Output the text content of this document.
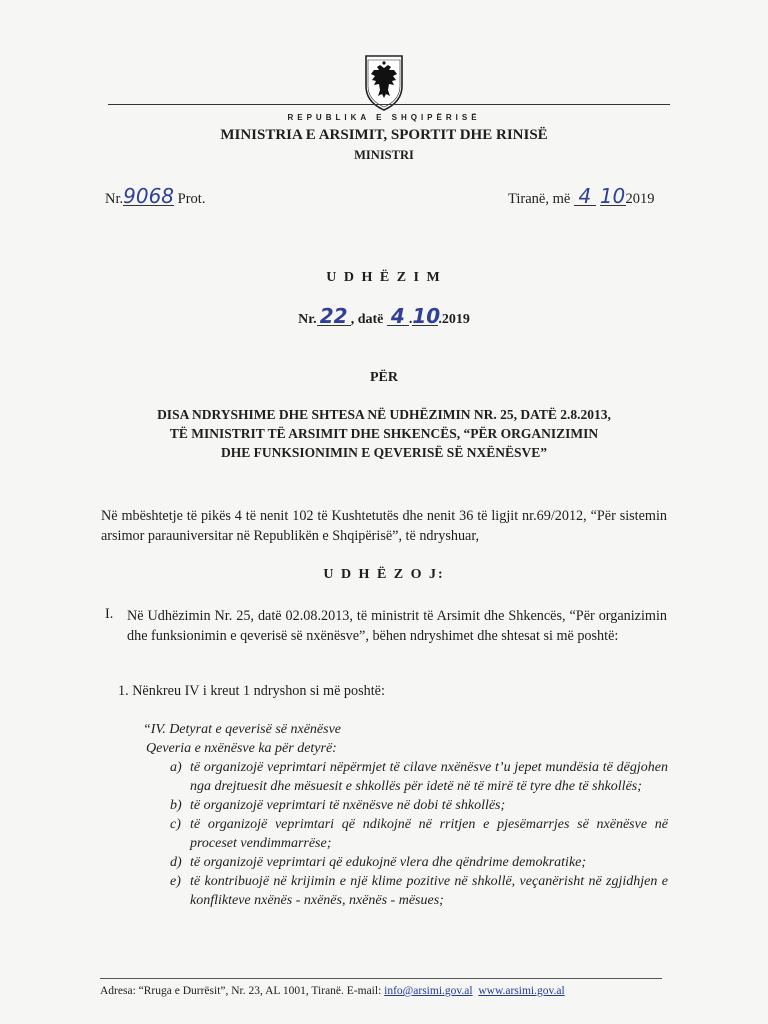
REPUBLIKA E SHQIPËRISË
MINISTRIA E ARSIMIT, SPORTIT DHE RINISË
MINISTRI
Nr.9068 Prot.	Tiranë, më 4 102019
U D H Ë Z I M
Nr. 22 , datë 4 .10.2019
PËR
DISA NDRYSHIME DHE SHTESA NË UDHËZIMIN NR. 25, DATË 2.8.2013,
TË MINISTRIT TË ARSIMIT DHE SHKENCËS, “PËR ORGANIZIMIN
DHE FUNKSIONIMIN E QEVERISË SË NXËNËSVE”
Në mbështetje të pikës 4 të nenit 102 të Kushtetutës dhe nenit 36 të ligjit nr.69/2012, “Për sistemin arsimor parauniversitar në Republikën e Shqipërisë”, të ndryshuar,
U D H Ë Z O J:
I. Në Udhëzimin Nr. 25, datë 02.08.2013, të ministrit të Arsimit dhe Shkencës, “Për organizimin dhe funksionimin e qeverisë së nxënësve”, bëhen ndryshimet dhe shtesat si më poshtë:
1. Nënkreu IV i kreut 1 ndryshon si më poshtë:
“IV. Detyrat e qeverisë së nxënësve
Qeveria e nxënësve ka për detyrë:
a) të organizojë veprimtari nëpërmjet të cilave nxënësve t’u jepet mundësia të dëgjohen nga drejtuesit dhe mësuesit e shkollës për idetë në të mirë të tyre dhe të shkollës;
b) të organizojë veprimtari të nxënësve në dobi të shkollës;
c) të organizojë veprimtari që ndikojnë në rritjen e pjesëmarrjes së nxënësve në proceset vendimmarrëse;
d) të organizojë veprimtari që edukojnë vlera dhe qëndrime demokratike;
e) të kontribuojë në krijimin e një klime pozitive në shkollë, veçanërisht në zgjidhjen e konflikteve nxënës - nxënës, nxënës - mësues;
Adresa: “Rruga e Durrësit”, Nr. 23, AL 1001, Tiranë. E-mail: info@arsimi.gov.al www.arsimi.gov.al
